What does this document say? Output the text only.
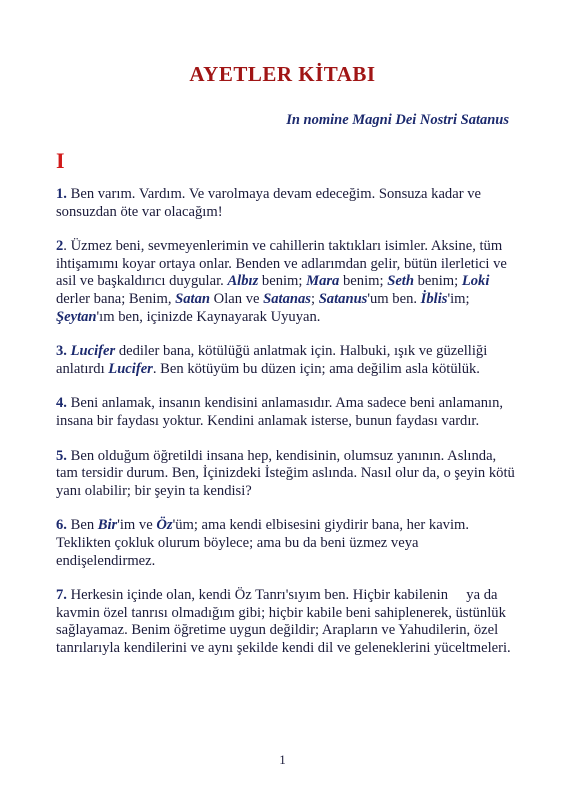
AYETLER KİTABI

In nomine Magni Dei Nostri Satanus

I

1. Ben varım. Vardım. Ve varolmaya devam edeceğim. Sonsuza kadar ve sonsuzdan öte var olacağım!

2. Üzmez beni, sevmeyenlerimin ve cahillerin taktıkları isimler. Aksine, tüm ihtişamımı koyar ortaya onlar. Benden ve adlarımdan gelir, bütün ilerletici ve asil ve başkaldırıcı duygular. Albız benim; Mara benim; Seth benim; Loki derler bana; Benim, Satan Olan ve Satanas; Satanus'um ben. İblis'im; Şeytan'ım ben, içinizde Kaynayarak Uyuyan.

3. Lucifer dediler bana, kötülüğü anlatmak için. Halbuki, ışık ve güzelliği anlatırdı Lucifer. Ben kötüyüm bu düzen için; ama değilim asla kötülük.

4. Beni anlamak, insanın kendisini anlamasıdır. Ama sadece beni anlamanın, insana bir faydası yoktur. Kendini anlamak isterse, bunun faydası vardır.

5. Ben olduğum öğretildi insana hep, kendisinin, olumsuz yanının. Aslında, tam tersidir durum. Ben, İçinizdeki İsteğim aslında. Nasıl olur da, o şeyin kötü yanı olabilir; bir şeyin ta kendisi?

6. Ben Bir'im ve Öz'üm; ama kendi elbisesini giydirir bana, her kavim. Teklikten çokluk olurum böylece; ama bu da beni üzmez veya endişelendirmez.

7. Herkesin içinde olan, kendi Öz Tanrı'sıyım ben. Hiçbir kabilenin     ya da kavmin özel tanrısı olmadığım gibi; hiçbir kabile beni sahiplenerek, üstünlük sağlayamaz. Benim öğretime uygun değildir; Arapların ve Yahudilerin, özel tanrılarıyla kendilerini ve aynı şekilde kendi dil ve geleneklerini yüceltmeleri.

1
